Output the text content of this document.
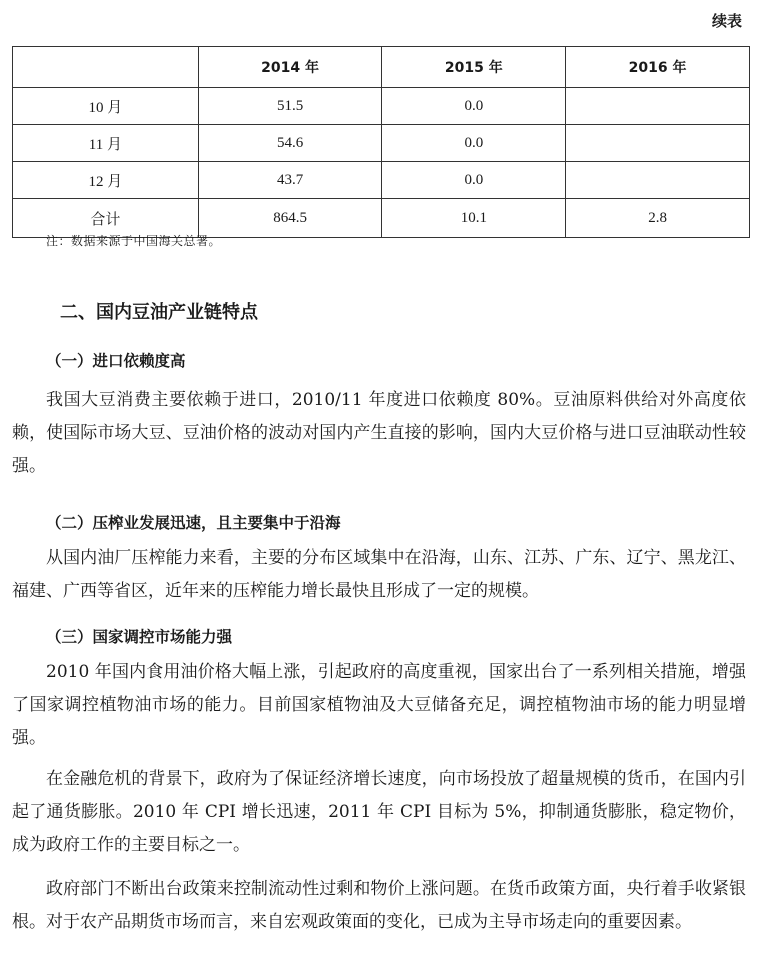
续表
	2014 年	2015 年	2016 年
10 月	51.5	0.0	
11 月	54.6	0.0	
12 月	43.7	0.0	
合计	864.5	10.1	2.8
注：数据来源于中国海关总署。
二、国内豆油产业链特点
（一）进口依赖度高

我国大豆消费主要依赖于进口，2010/11 年度进口依赖度 80%。豆油原料供给对外高度依赖，使国际市场大豆、豆油价格的波动对国内产生直接的影响，国内大豆价格与进口豆油联动性较强。

（二）压榨业发展迅速，且主要集中于沿海

从国内油厂压榨能力来看，主要的分布区域集中在沿海，山东、江苏、广东、辽宁、黑龙江、福建、广西等省区，近年来的压榨能力增长最快且形成了一定的规模。

（三）国家调控市场能力强

2010 年国内食用油价格大幅上涨，引起政府的高度重视，国家出台了一系列相关措施，增强了国家调控植物油市场的能力。目前国家植物油及大豆储备充足，调控植物油市场的能力明显增强。

在金融危机的背景下，政府为了保证经济增长速度，向市场投放了超量规模的货币，在国内引起了通货膨胀。2010 年 CPI 增长迅速，2011 年 CPI 目标为 5%，抑制通货膨胀，稳定物价，成为政府工作的主要目标之一。

政府部门不断出台政策来控制流动性过剩和物价上涨问题。在货币政策方面，央行着手收紧银根。对于农产品期货市场而言，来自宏观政策面的变化，已成为主导市场走向的重要因素。
